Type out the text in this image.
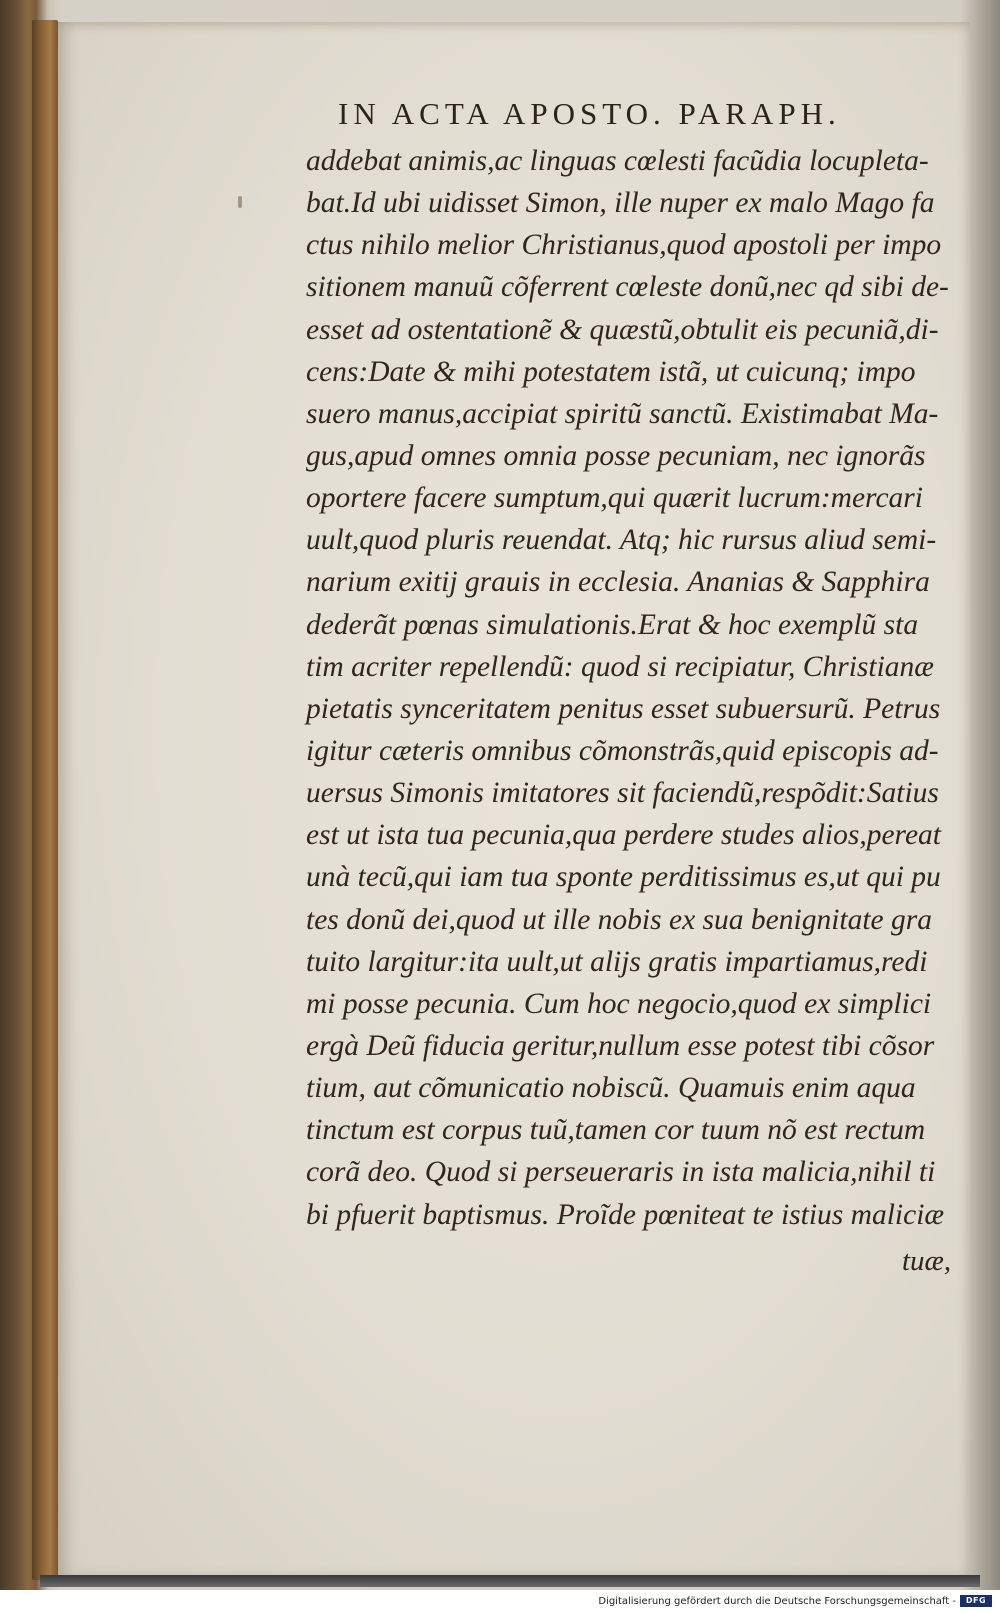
IN ACTA APOSTO. PARAPH.
addebat animis,ac linguas cœlesti facũdia locupleta-
bat.Id ubi uidisset Simon, ille nuper ex malo Mago fa
ctus nihilo melior Christianus,quod apostoli per impo
sitionem manuũ cõferrent cœleste donũ,nec qd sibi de-
esset ad ostentationẽ & quæstũ,obtulit eis pecuniã,di-
cens:Date & mihi potestatem istã, ut cuicunq; impo
suero manus,accipiat spiritũ sanctũ. Existimabat Ma-
gus,apud omnes omnia posse pecuniam, nec ignorãs
oportere facere sumptum,qui quærit lucrum:mercari
uult,quod pluris reuendat. Atq; hic rursus aliud semi-
narium exitij grauis in ecclesia. Ananias & Sapphira
dederãt pœnas simulationis.Erat & hoc exemplũ sta
tim acriter repellendũ: quod si recipiatur, Christianæ
pietatis synceritatem penitus esset subuersurũ. Petrus
igitur cæteris omnibus cõmonstrãs,quid episcopis ad-
uersus Simonis imitatores sit faciendũ,respõdit:Satius
est ut ista tua pecunia,qua perdere studes alios,pereat
unà tecũ,qui iam tua sponte perditissimus es,ut qui pu
tes donũ dei,quod ut ille nobis ex sua benignitate gra
tuito largitur:ita uult,ut alijs gratis impartiamus,redi
mi posse pecunia. Cum hoc negocio,quod ex simplici
ergà Deũ fiducia geritur,nullum esse potest tibi cõsor
tium, aut cõmunicatio nobiscũ. Quamuis enim aqua
tinctum est corpus tuũ,tamen cor tuum nõ est rectum
corã deo. Quod si perseueraris in ista malicia,nihil ti
bi pfuerit baptismus. Proĩde pœniteat te istius maliciæ
tuæ,
Digitalisierung gefördert durch die Deutsche Forschungsgemeinschaft -	DFG
